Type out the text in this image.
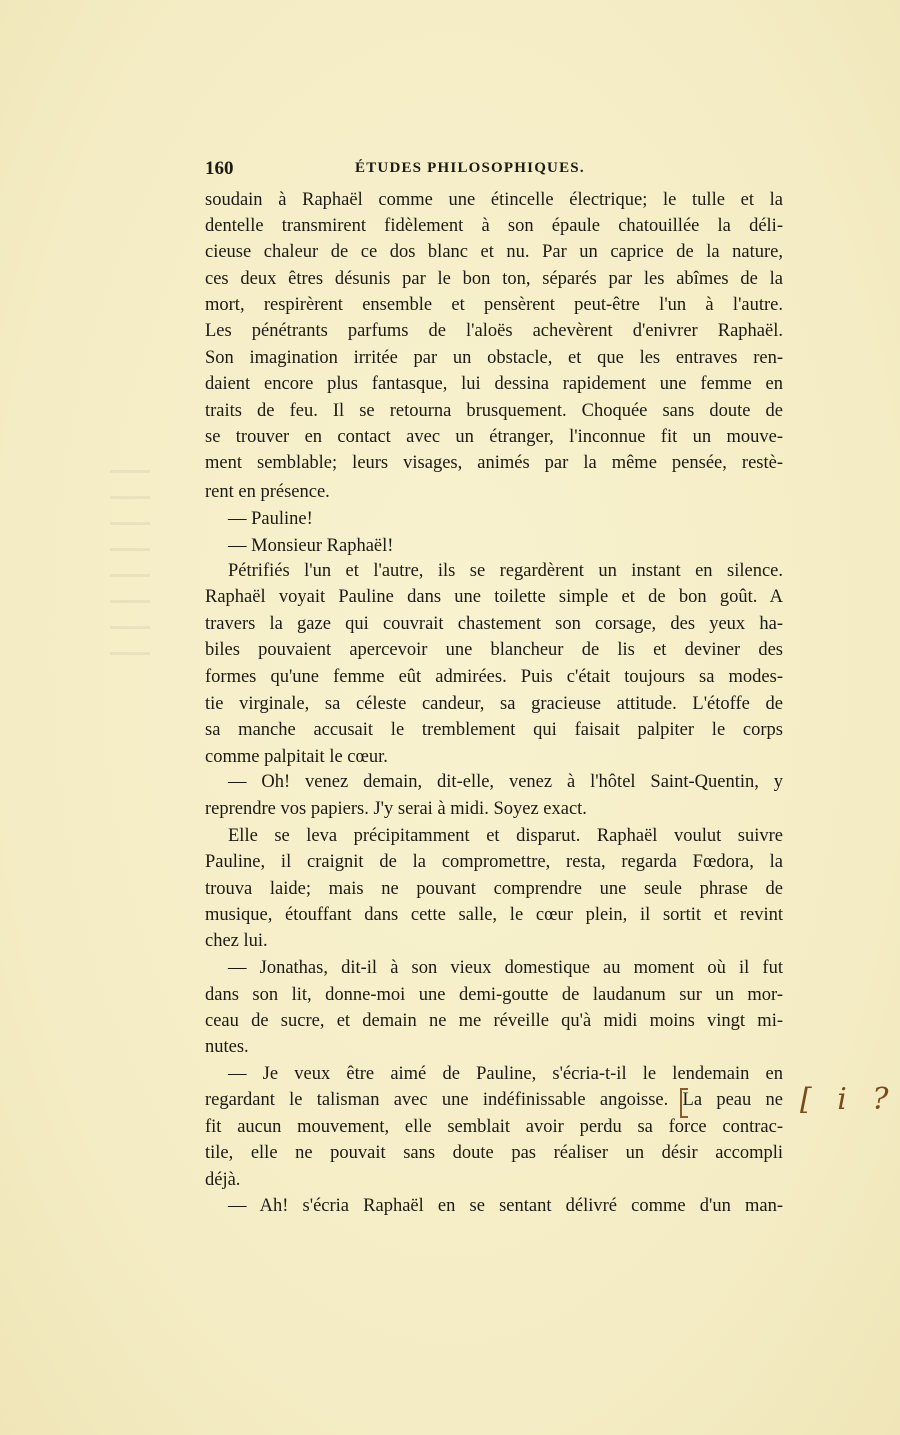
160	ÉTUDES PHILOSOPHIQUES.
soudain à Raphaël comme une étincelle électrique; le tulle et la
dentelle transmirent fidèlement à son épaule chatouillée la déli-
cieuse chaleur de ce dos blanc et nu. Par un caprice de la nature,
ces deux êtres désunis par le bon ton, séparés par les abîmes de la
mort, respirèrent ensemble et pensèrent peut-être l'un à l'autre.
Les pénétrants parfums de l'aloës achevèrent d'enivrer Raphaël.
Son imagination irritée par un obstacle, et que les entraves ren-
daient encore plus fantasque, lui dessina rapidement une femme en
traits de feu. Il se retourna brusquement. Choquée sans doute de
se trouver en contact avec un étranger, l'inconnue fit un mouve-
ment semblable; leurs visages, animés par la même pensée, restè-
rent en présence.
— Pauline!
— Monsieur Raphaël!
Pétrifiés l'un et l'autre, ils se regardèrent un instant en silence.
Raphaël voyait Pauline dans une toilette simple et de bon goût. A
travers la gaze qui couvrait chastement son corsage, des yeux ha-
biles pouvaient apercevoir une blancheur de lis et deviner des
formes qu'une femme eût admirées. Puis c'était toujours sa modes-
tie virginale, sa céleste candeur, sa gracieuse attitude. L'étoffe de
sa manche accusait le tremblement qui faisait palpiter le corps
comme palpitait le cœur.
— Oh! venez demain, dit-elle, venez à l'hôtel Saint-Quentin, y
reprendre vos papiers. J'y serai à midi. Soyez exact.
Elle se leva précipitamment et disparut. Raphaël voulut suivre
Pauline, il craignit de la compromettre, resta, regarda Fœdora, la
trouva laide; mais ne pouvant comprendre une seule phrase de
musique, étouffant dans cette salle, le cœur plein, il sortit et revint
chez lui.
— Jonathas, dit-il à son vieux domestique au moment où il fut
dans son lit, donne-moi une demi-goutte de laudanum sur un mor-
ceau de sucre, et demain ne me réveille qu'à midi moins vingt mi-
nutes.
— Je veux être aimé de Pauline, s'écria-t-il le lendemain en
regardant le talisman avec une indéfinissable angoisse. La peau ne
fit aucun mouvement, elle semblait avoir perdu sa force contrac-
tile, elle ne pouvait sans doute pas réaliser un désir accompli
déjà.
— Ah! s'écria Raphaël en se sentant délivré comme d'un man-
[ i ?
